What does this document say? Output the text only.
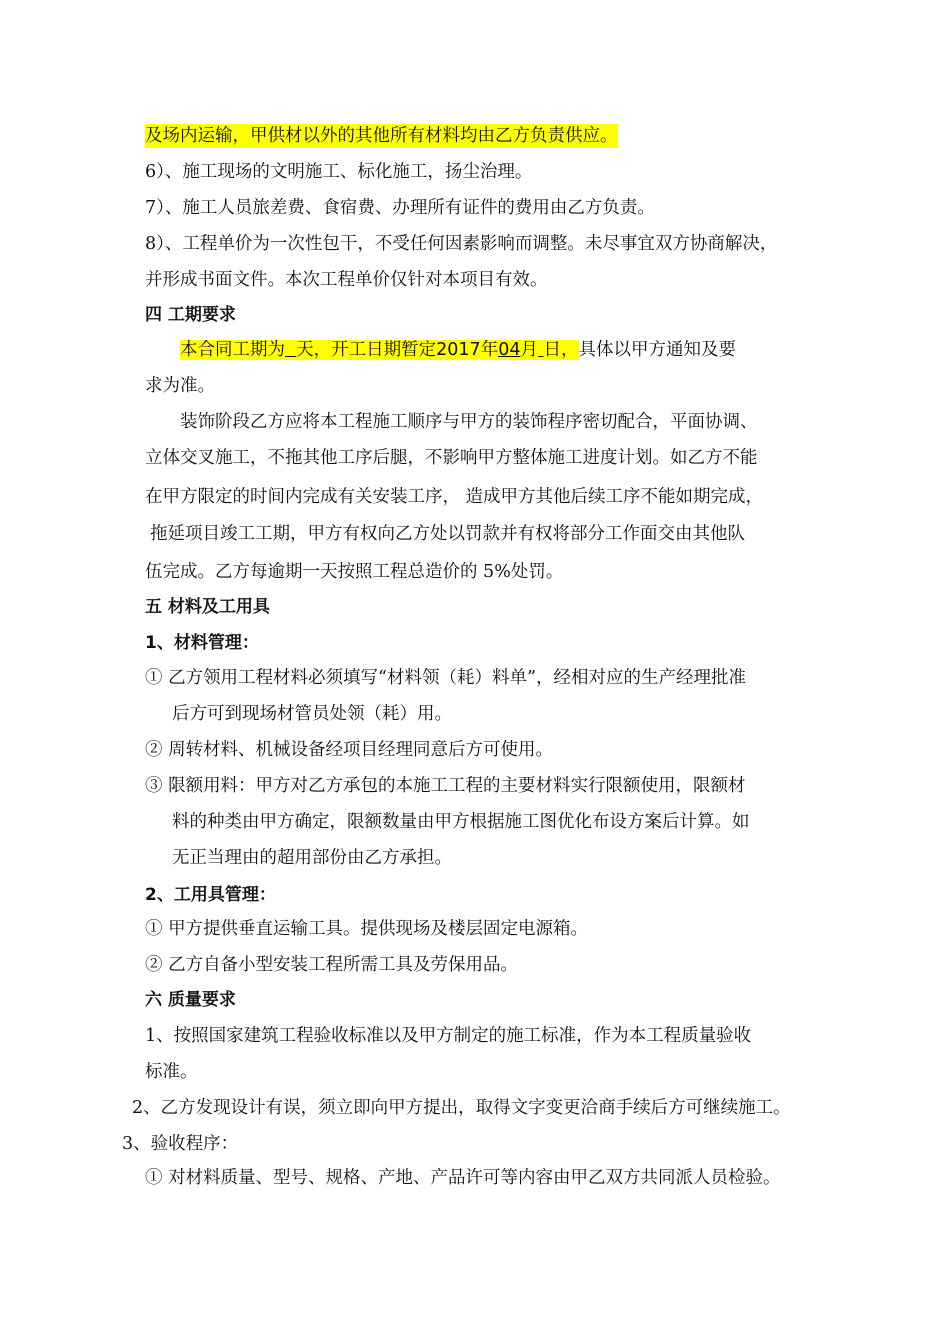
及场内运输，甲供材以外的其他所有材料均由乙方负责供应。
6）、施工现场的文明施工、标化施工，扬尘治理。
7）、施工人员旅差费、食宿费、办理所有证件的费用由乙方负责。
8）、工程单价为一次性包干，不受任何因素影响而调整。未尽事宜双方协商解决，
并形成书面文件。本次工程单价仅针对本项目有效。
四 工期要求
本合同工期为 天，开工日期暂定2017年04月 日，具体以甲方通知及要
求为准。
装饰阶段乙方应将本工程施工顺序与甲方的装饰程序密切配合，平面协调、
立体交叉施工，不拖其他工序后腿，不影响甲方整体施工进度计划。如乙方不能
在甲方限定的时间内完成有关安装工序， 造成甲方其他后续工序不能如期完成，
拖延项目竣工工期，甲方有权向乙方处以罚款并有权将部分工作面交由其他队
伍完成。乙方每逾期一天按照工程总造价的 5%处罚。
五 材料及工用具
1、材料管理：
① 乙方领用工程材料必须填写“材料领（耗）料单”，经相对应的生产经理批准
后方可到现场材管员处领（耗）用。
② 周转材料、机械设备经项目经理同意后方可使用。
③ 限额用料：甲方对乙方承包的本施工工程的主要材料实行限额使用，限额材
料的种类由甲方确定，限额数量由甲方根据施工图优化布设方案后计算。如
无正当理由的超用部份由乙方承担。
2、工用具管理：
① 甲方提供垂直运输工具。提供现场及楼层固定电源箱。
② 乙方自备小型安装工程所需工具及劳保用品。
六 质量要求
1、按照国家建筑工程验收标准以及甲方制定的施工标准，作为本工程质量验收
标准。
2、乙方发现设计有误，须立即向甲方提出，取得文字变更洽商手续后方可继续施工。
3、验收程序：
① 对材料质量、型号、规格、产地、产品许可等内容由甲乙双方共同派人员检验。
